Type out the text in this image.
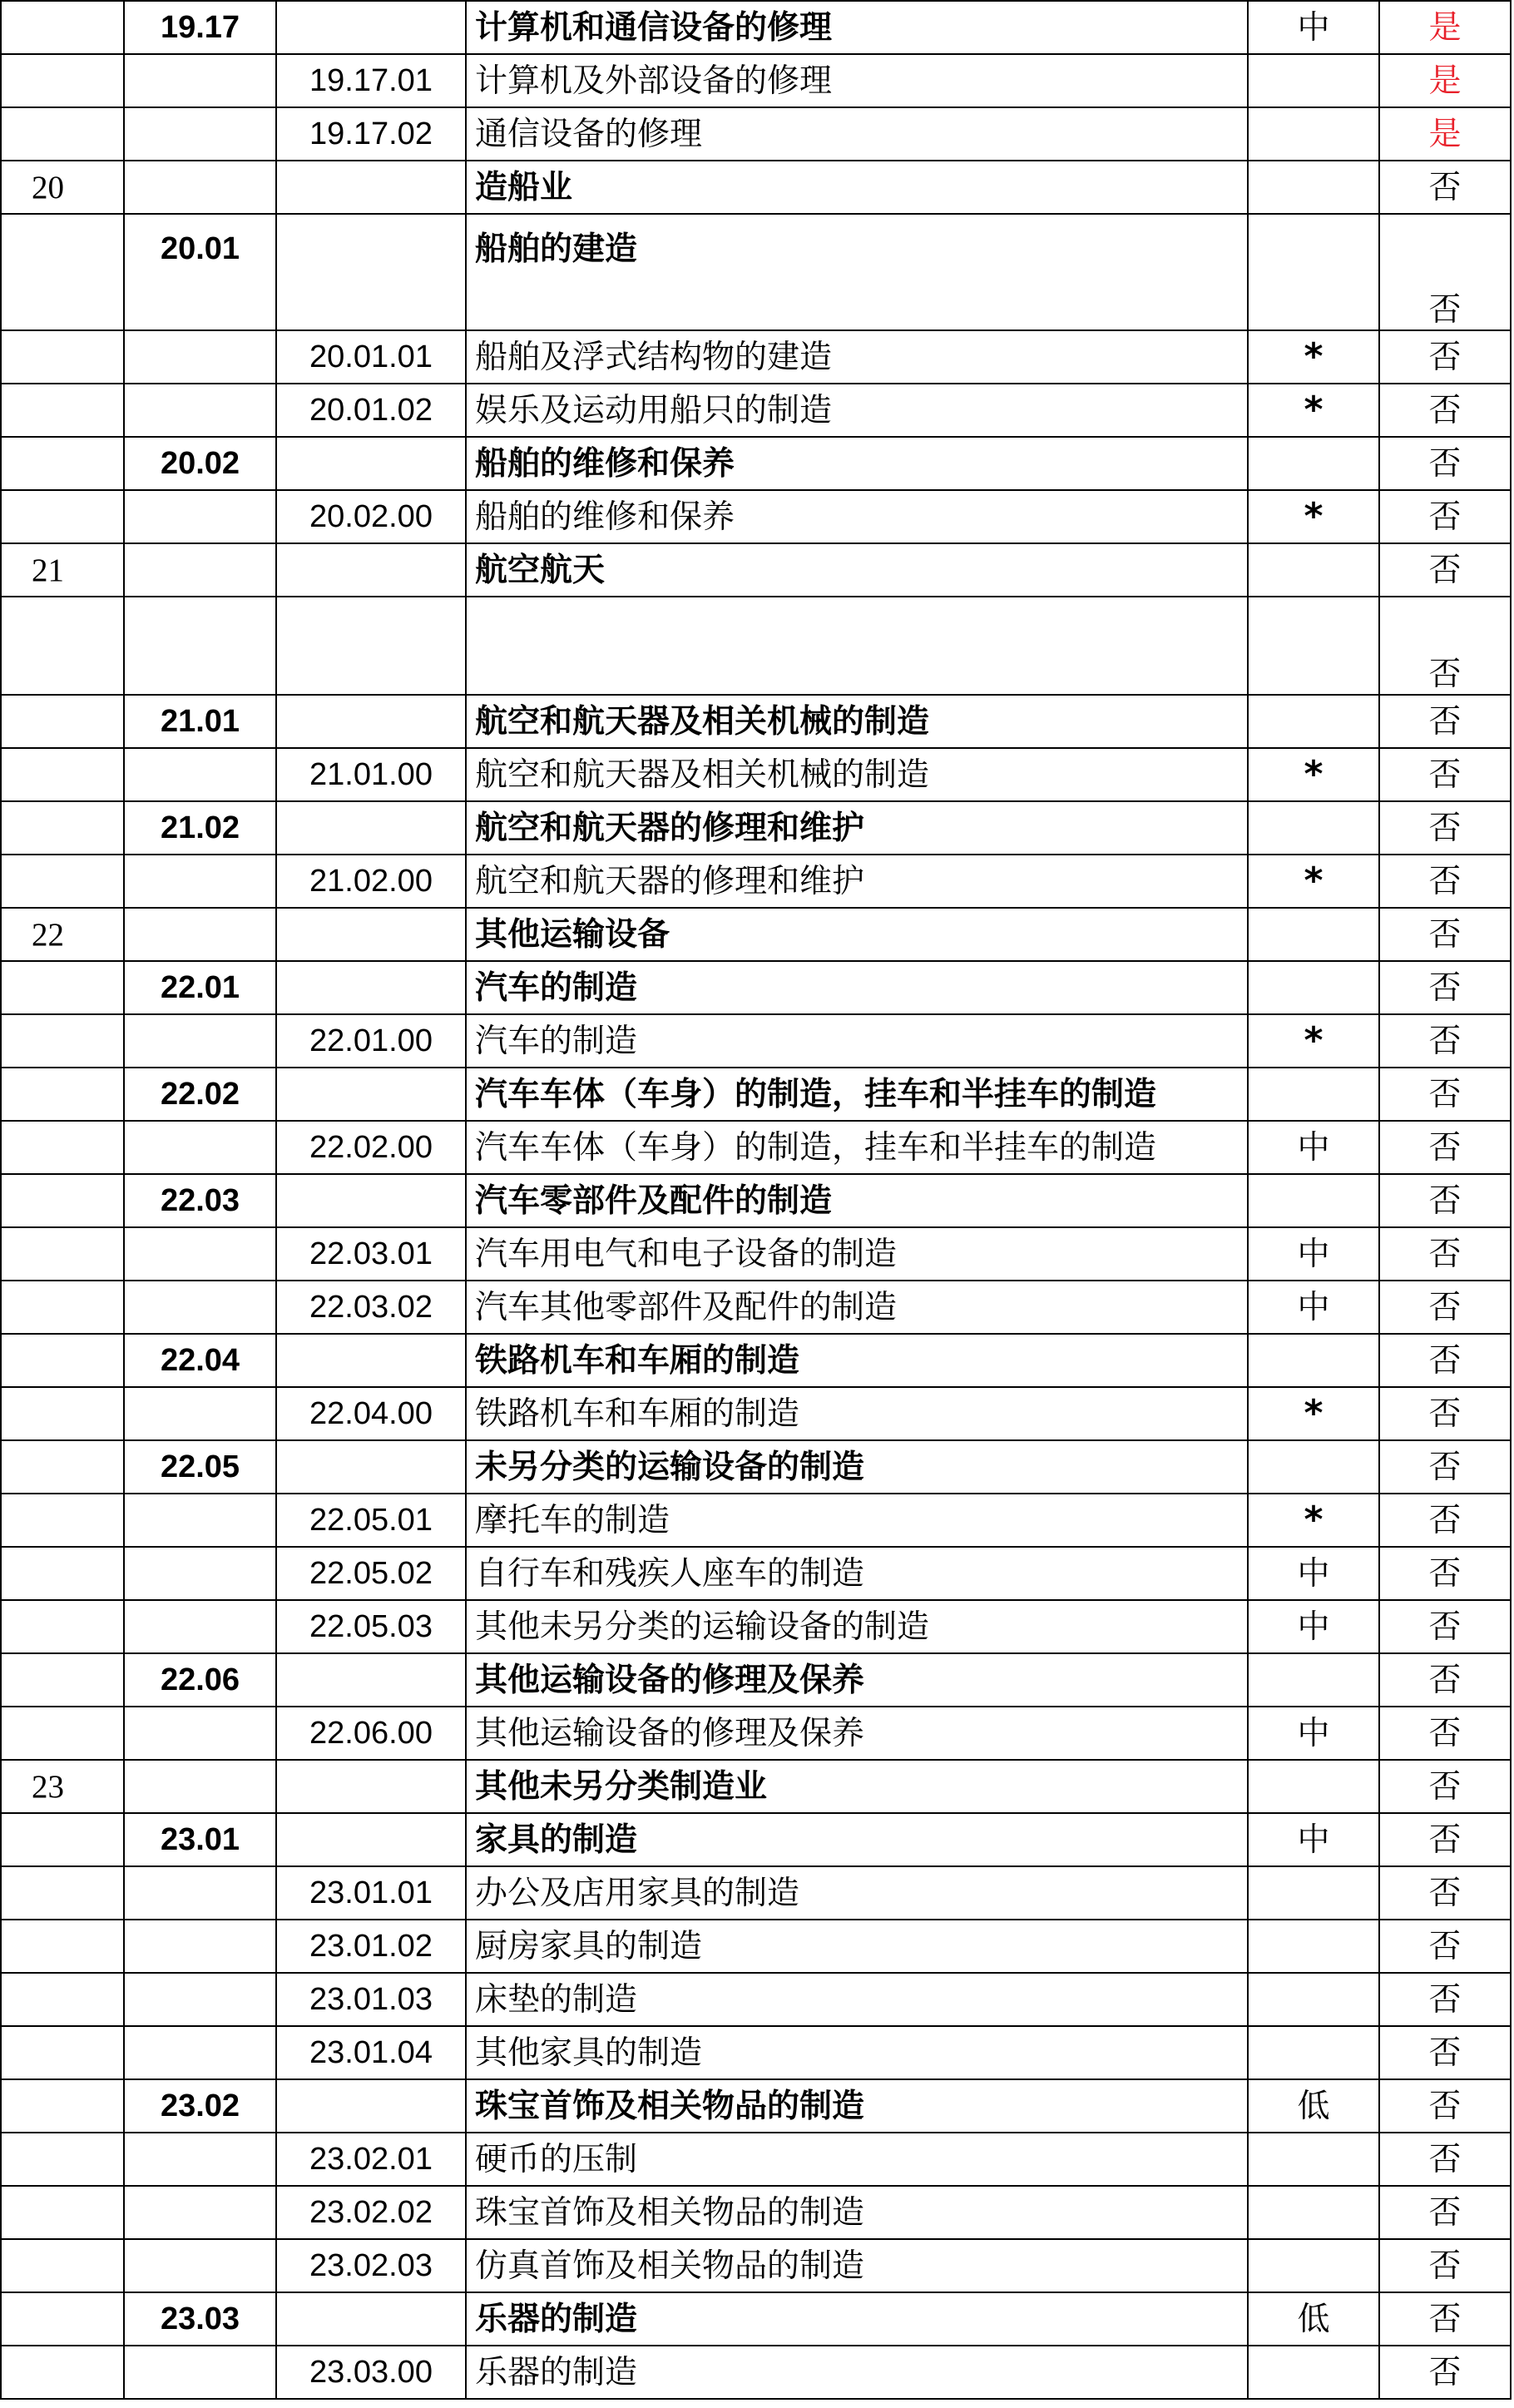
	19.17		计算机和通信设备的修理	中	是
		19.17.01	计算机及外部设备的修理		是
		19.17.02	通信设备的修理		是
20			造船业		否
	20.01		船舶的建造		否
		20.01.01	船舶及浮式结构物的建造	*	否
		20.01.02	娱乐及运动用船只的制造	*	否
	20.02		船舶的维修和保养		否
		20.02.00	船舶的维修和保养	*	否
21			航空航天		否
					否
	21.01		航空和航天器及相关机械的制造		否
		21.01.00	航空和航天器及相关机械的制造	*	否
	21.02		航空和航天器的修理和维护		否
		21.02.00	航空和航天器的修理和维护	*	否
22			其他运输设备		否
	22.01		汽车的制造		否
		22.01.00	汽车的制造	*	否
	22.02		汽车车体（车身）的制造，挂车和半挂车的制造		否
		22.02.00	汽车车体（车身）的制造，挂车和半挂车的制造	中	否
	22.03		汽车零部件及配件的制造		否
		22.03.01	汽车用电气和电子设备的制造	中	否
		22.03.02	汽车其他零部件及配件的制造	中	否
	22.04		铁路机车和车厢的制造		否
		22.04.00	铁路机车和车厢的制造	*	否
	22.05		未另分类的运输设备的制造		否
		22.05.01	摩托车的制造	*	否
		22.05.02	自行车和残疾人座车的制造	中	否
		22.05.03	其他未另分类的运输设备的制造	中	否
	22.06		其他运输设备的修理及保养		否
		22.06.00	其他运输设备的修理及保养	中	否
23			其他未另分类制造业		否
	23.01		家具的制造	中	否
		23.01.01	办公及店用家具的制造		否
		23.01.02	厨房家具的制造		否
		23.01.03	床垫的制造		否
		23.01.04	其他家具的制造		否
	23.02		珠宝首饰及相关物品的制造	低	否
		23.02.01	硬币的压制		否
		23.02.02	珠宝首饰及相关物品的制造		否
		23.02.03	仿真首饰及相关物品的制造		否
	23.03		乐器的制造	低	否
		23.03.00	乐器的制造		否
